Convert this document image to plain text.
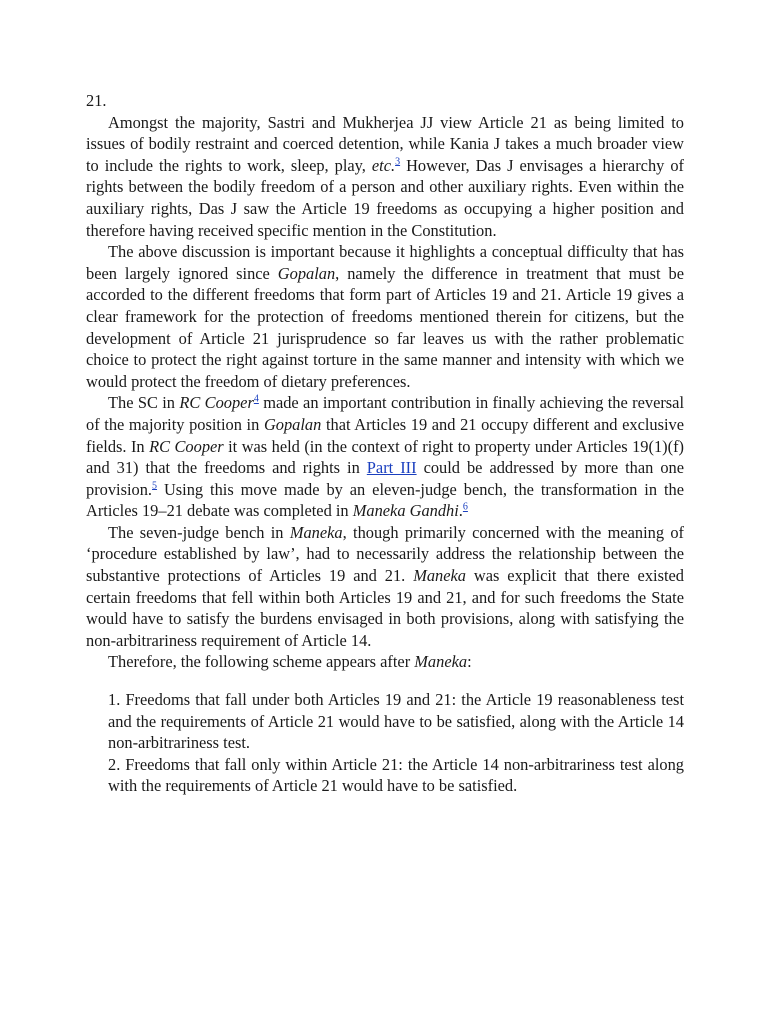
21.

Amongst the majority, Sastri and Mukherjea JJ view Article 21 as being limited to issues of bodily restraint and coerced detention, while Kania J takes a much broader view to include the rights to work, sleep, play, etc.$^3$ However, Das J envisages a hierarchy of rights between the bodily freedom of a person and other auxiliary rights. Even within the auxiliary rights, Das J saw the Article 19 freedoms as occupying a higher position and therefore having received specific mention in the Constitution.

The above discussion is important because it highlights a conceptual difficulty that has been largely ignored since Gopalan, namely the difference in treatment that must be accorded to the different freedoms that form part of Articles 19 and 21. Article 19 gives a clear framework for the protection of freedoms mentioned therein for citizens, but the development of Article 21 jurisprudence so far leaves us with the rather problematic choice to protect the right against torture in the same manner and intensity with which we would protect the freedom of dietary preferences.

The SC in RC Cooper$^4$ made an important contribution in finally achieving the reversal of the majority position in Gopalan that Articles 19 and 21 occupy different and exclusive fields. In RC Cooper it was held (in the context of right to property under Articles 19(1)(f) and 31) that the freedoms and rights in Part III could be addressed by more than one provision.$^5$ Using this move made by an eleven-judge bench, the transformation in the Articles 19–21 debate was completed in Maneka Gandhi.$^6$

The seven-judge bench in Maneka, though primarily concerned with the meaning of ‘procedure established by law’, had to necessarily address the relationship between the substantive protections of Articles 19 and 21. Maneka was explicit that there existed certain freedoms that fell within both Articles 19 and 21, and for such freedoms the State would have to satisfy the burdens envisaged in both provisions, along with satisfying the non-arbitrariness requirement of Article 14.

Therefore, the following scheme appears after Maneka:

1. Freedoms that fall under both Articles 19 and 21: the Article 19 reasonableness test and the requirements of Article 21 would have to be satisfied, along with the Article 14 non-arbitrariness test.

2. Freedoms that fall only within Article 21: the Article 14 non-arbitrariness test along with the requirements of Article 21 would have to be satisfied.
